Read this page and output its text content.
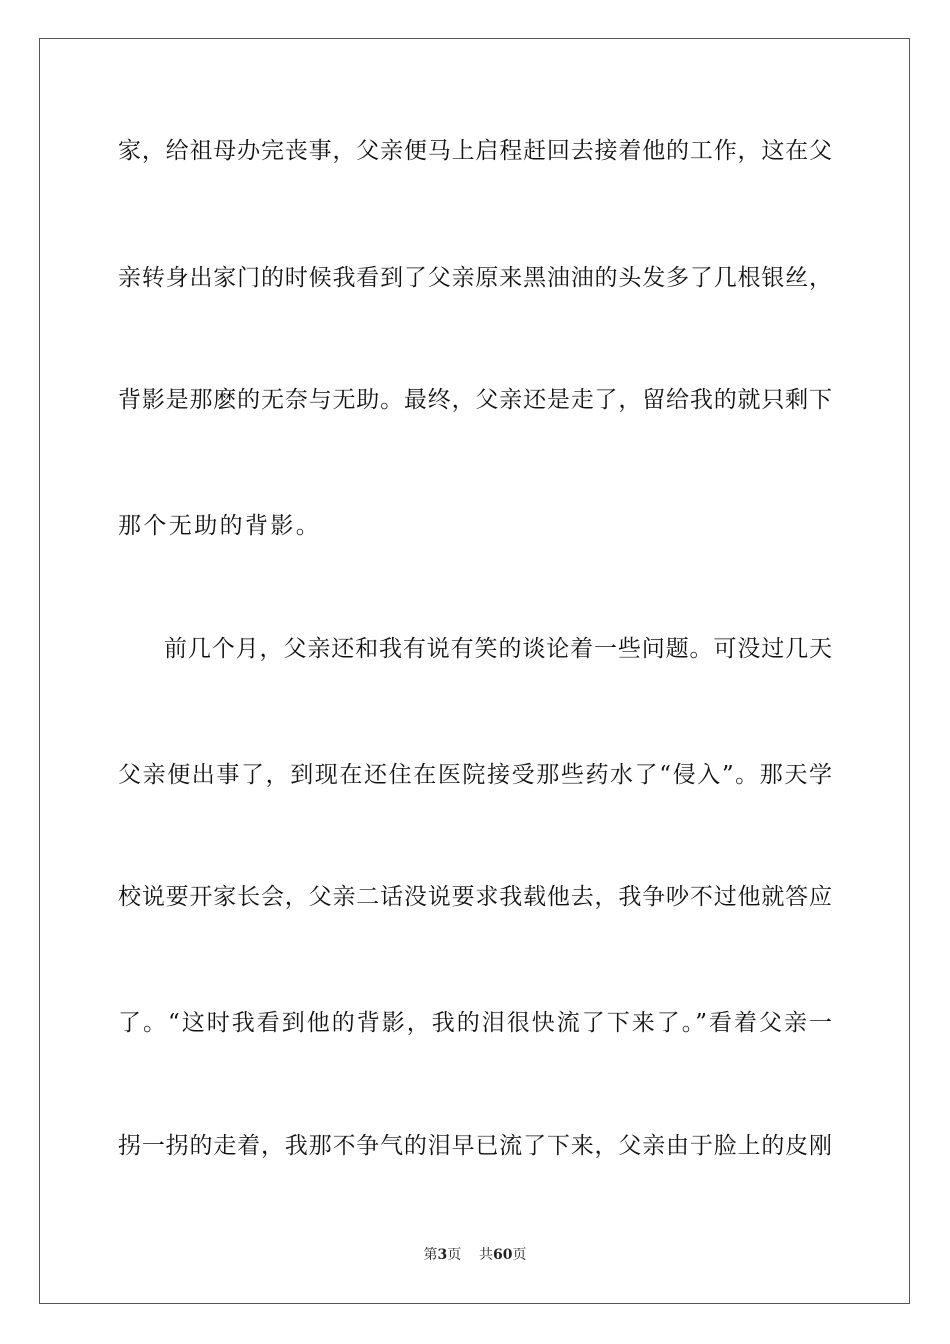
家，给祖母办完丧事，父亲便马上启程赶回去接着他的工作，这在父
亲转身出家门的时候我看到了父亲原来黑油油的头发多了几根银丝，
背影是那麽的无奈与无助。最终，父亲还是走了，留给我的就只剩下
那个无助的背影。
前几个月，父亲还和我有说有笑的谈论着一些问题。可没过几天
父亲便出事了，到现在还住在医院接受那些药水了“侵入”。那天学
校说要开家长会，父亲二话没说要求我载他去，我争吵不过他就答应
了。“这时我看到他的背影，我的泪很快流了下来了。”看着父亲一
拐一拐的走着，我那不争气的泪早已流了下来，父亲由于脸上的皮刚
第3页 共60页
